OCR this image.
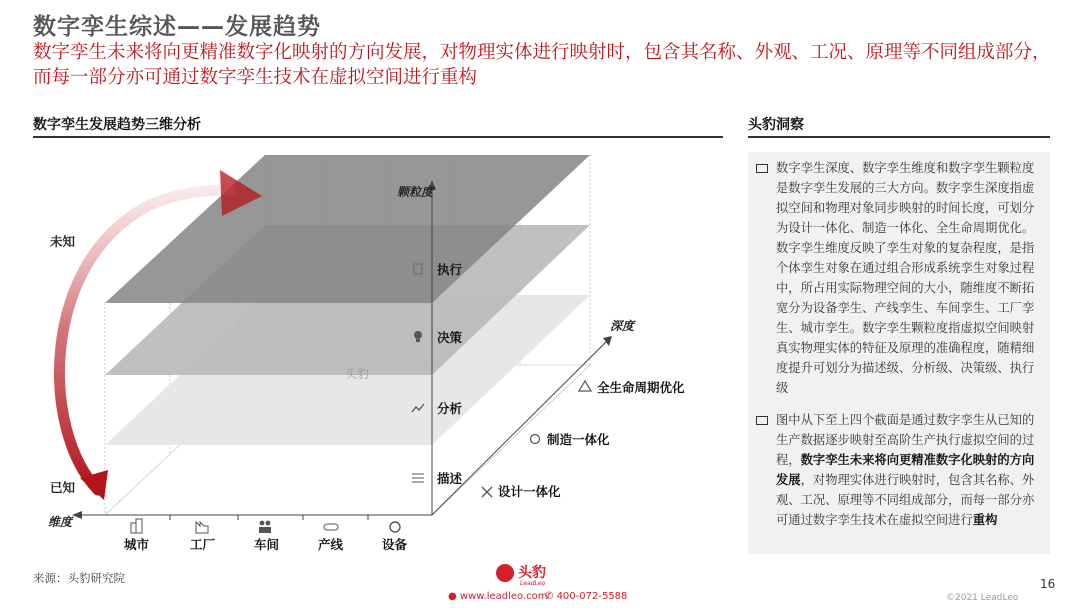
数字孪生综述——发展趋势
数字孪生未来将向更精准数字化映射的方向发展，对物理实体进行映射时，包含其名称、外观、工况、原理等不同组成部分，而每一部分亦可通过数字孪生技术在虚拟空间进行重构
数字孪生发展趋势三维分析	头豹洞察
颗粒度
深度
维度
未知
已知
头豹
执行
决策
分析
描述
全生命周期优化
制造一体化
设计一体化
城市	工厂	车间	产线	设备
数字孪生深度、数字孪生维度和数字孪生颗粒度是数字孪生发展的三大方向。数字孪生深度指虚拟空间和物理对象同步映射的时间长度，可划分为设计一体化、制造一体化、全生命周期优化。数字孪生维度反映了孪生对象的复杂程度，是指个体孪生对象在通过组合形成系统孪生对象过程中，所占用实际物理空间的大小，随维度不断拓宽分为设备孪生、产线孪生、车间孪生、工厂孪生、城市孪生。数字孪生颗粒度指虚拟空间映射真实物理实体的特征及原理的准确程度，随精细度提升可划分为描述级、分析级、决策级、执行级
图中从下至上四个截面是通过数字孪生从已知的生产数据逐步映射至高阶生产执行虚拟空间的过程，数字孪生未来将向更精准数字化映射的方向发展，对物理实体进行映射时，包含其名称、外观、工况、原理等不同组成部分，而每一部分亦可通过数字孪生技术在虚拟空间进行重构
来源：头豹研究院	头豹
LeadLeo
● www.leadleo.com
✆ 400-072-5588
16
©2021 LeadLeo
